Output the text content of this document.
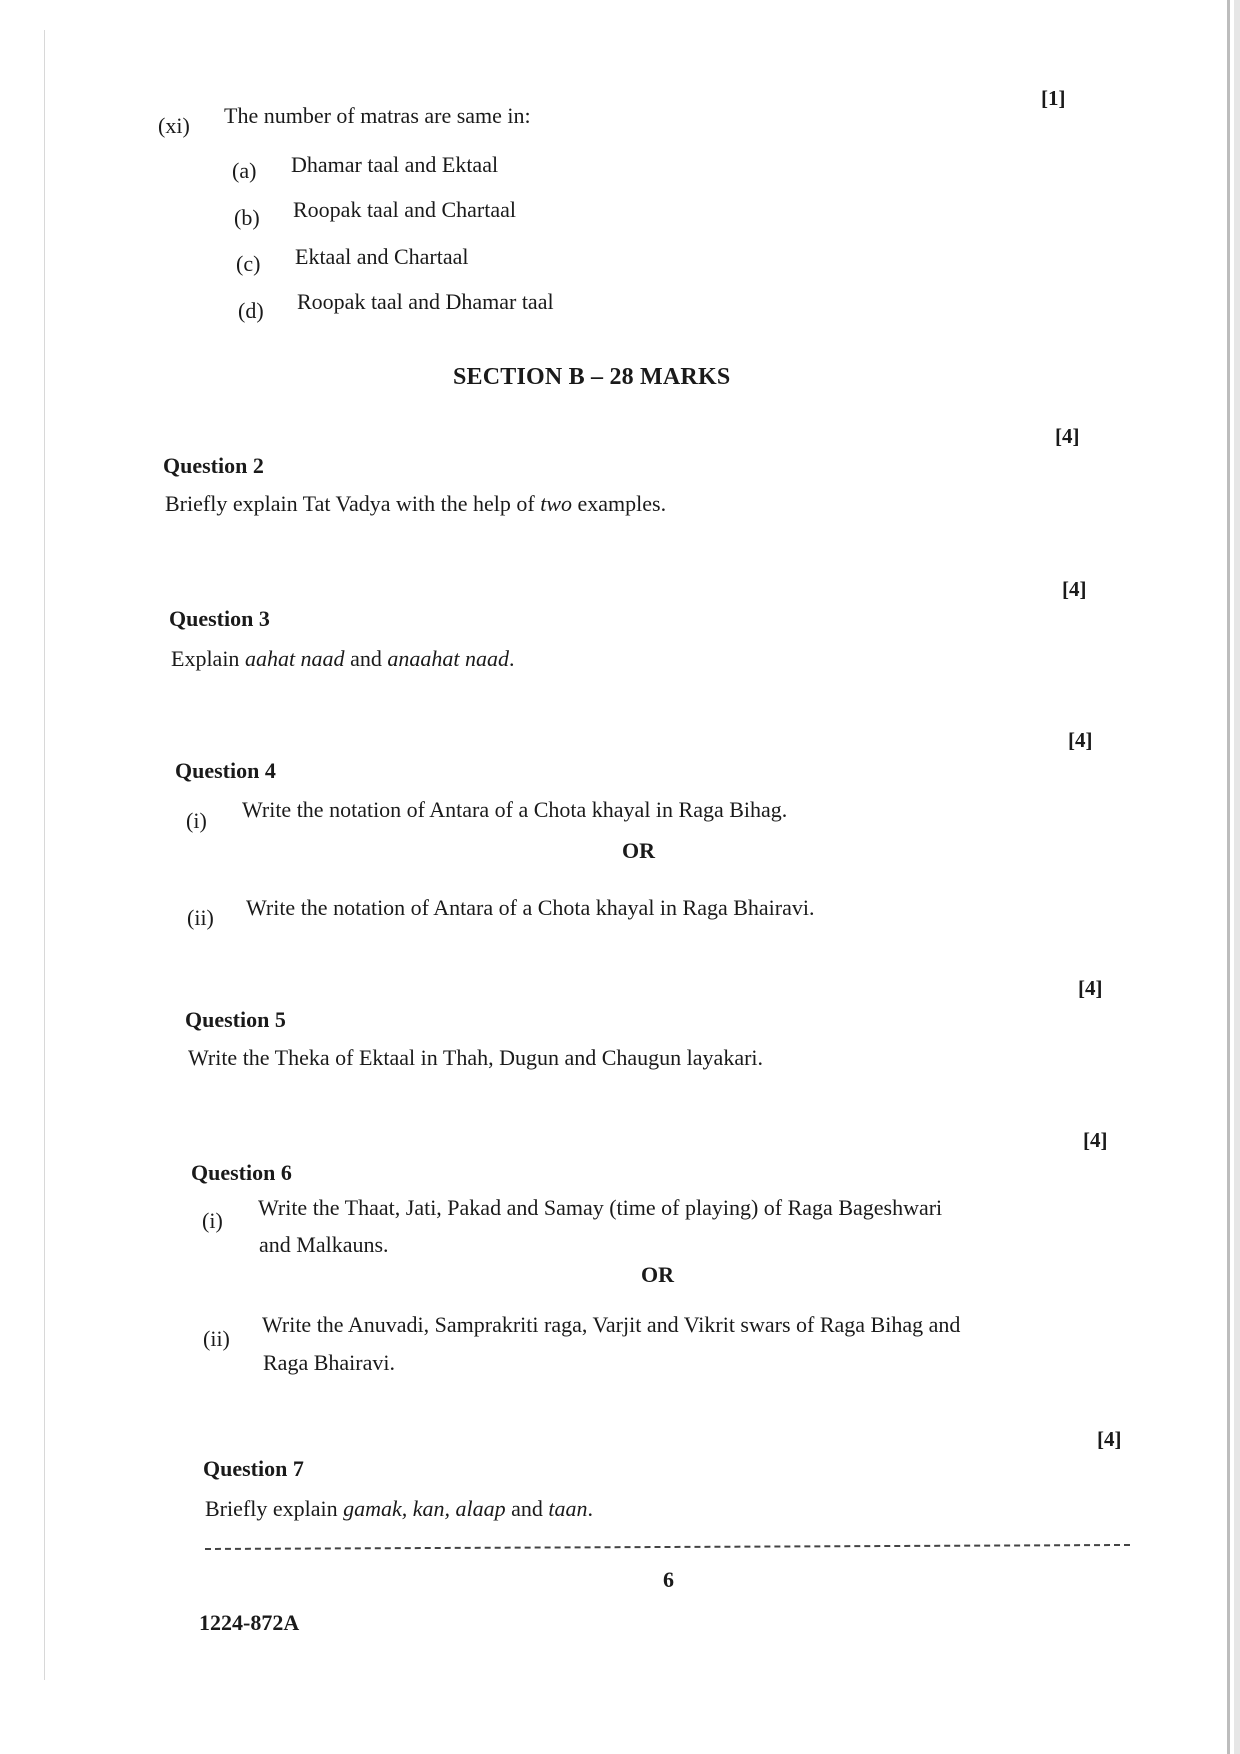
[1]
(xi) The number of matras are same in:
(a) Dhamar taal and Ektaal
(b) Roopak taal and Chartaal
(c) Ektaal and Chartaal
(d) Roopak taal and Dhamar taal
SECTION B – 28 MARKS
[4]
Question 2
Briefly explain Tat Vadya with the help of two examples.
[4]
Question 3
Explain aahat naad and anaahat naad.
[4]
Question 4
(i) Write the notation of Antara of a Chota khayal in Raga Bihag.
OR
(ii) Write the notation of Antara of a Chota khayal in Raga Bhairavi.
[4]
Question 5
Write the Theka of Ektaal in Thah, Dugun and Chaugun layakari.
[4]
Question 6
(i)
Write the Thaat, Jati, Pakad and Samay (time of playing) of Raga Bageshwari
and Malkauns.
OR
(ii)
Write the Anuvadi, Samprakriti raga, Varjit and Vikrit swars of Raga Bihag and
Raga Bhairavi.
[4]
Question 7
Briefly explain gamak, kan, alaap and taan.
6
1224-872A
